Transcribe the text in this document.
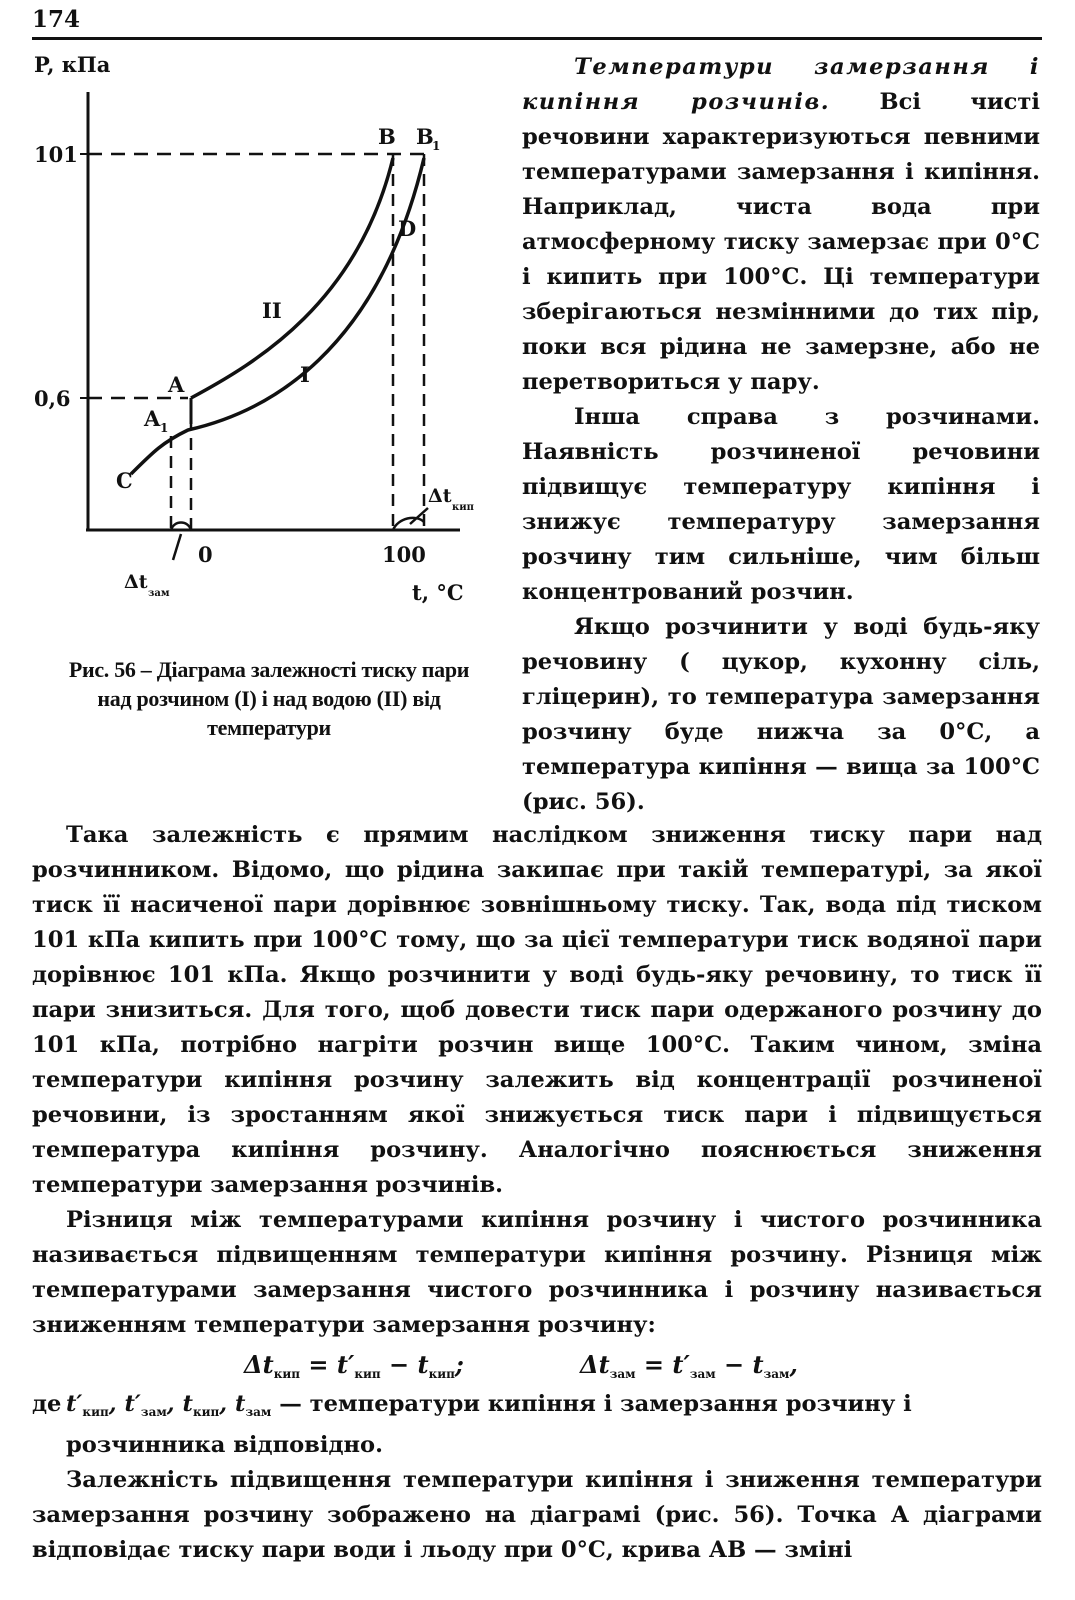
174
P, кПа
101
0,6
0	100
t, °C
B B
1
D
A
A 1
C
II
I
Δt
кип
Δt
зам
Рис. 56 – Діаграма залежності тиску пари над розчином (I) і над водою (II) від температури

Температури замерзання і кипіння розчинів. Всі чисті речовини характеризуються певними температурами замерзання і кипіння. Наприклад, чиста вода при атмосферному тиску замерзає при 0°С і кипить при 100°С. Ці температури зберігаються незмінними до тих пір, поки вся рідина не замерзне, або не перетвориться у пару.

Інша справа з розчинами. Наявність розчиненої речовини підвищує температуру кипіння і знижує температуру замерзання розчину тим сильніше, чим більш концентрований розчин.

Якщо розчинити у воді будь-яку речовину ( цукор, кухонну сіль, гліцерин), то температура замерзання розчину буде нижча за 0°С, а температура кипіння — вища за 100°С (рис. 56).

Така залежність є прямим наслідком зниження тиску пари над розчинником. Відомо, що рідина закипає при такій температурі, за якої тиск її насиченої пари дорівнює зовнішньому тиску. Так, вода під тиском 101 кПа кипить при 100°С тому, що за цієї температури тиск водяної пари дорівнює 101 кПа. Якщо розчинити у воді будь-яку речовину, то тиск її пари знизиться. Для того, щоб довести тиск пари одержаного розчину до 101 кПа, потрібно нагріти розчин вище 100°С. Таким чином, зміна температури кипіння розчину залежить від концентрації розчиненої речовини, із зростанням якої знижується тиск пари і підвищується температура кипіння розчину. Аналогічно пояснюється зниження температури замерзання розчинів.

Різниця між температурами кипіння розчину і чистого розчинника називається підвищенням температури кипіння розчину. Різниця між температурами замерзання чистого розчинника і розчину називається зниженням температури замерзання розчину:

$\Delta t_{кип} = t'_{кип} - t_{кип}$;	$\Delta t_{зам} = t'_{зам} - t_{зам}$,

де $t'_{кип}$, $t'_{зам}$, $t_{кип}$, $t_{зам}$ — температури кипіння і замерзання розчину і
розчинника відповідно.

Залежність підвищення температури кипіння і зниження температури замерзання розчину зображено на діаграмі (рис. 56). Точка А діаграми відповідає тиску пари води і льоду при 0°С, крива АВ — зміні
